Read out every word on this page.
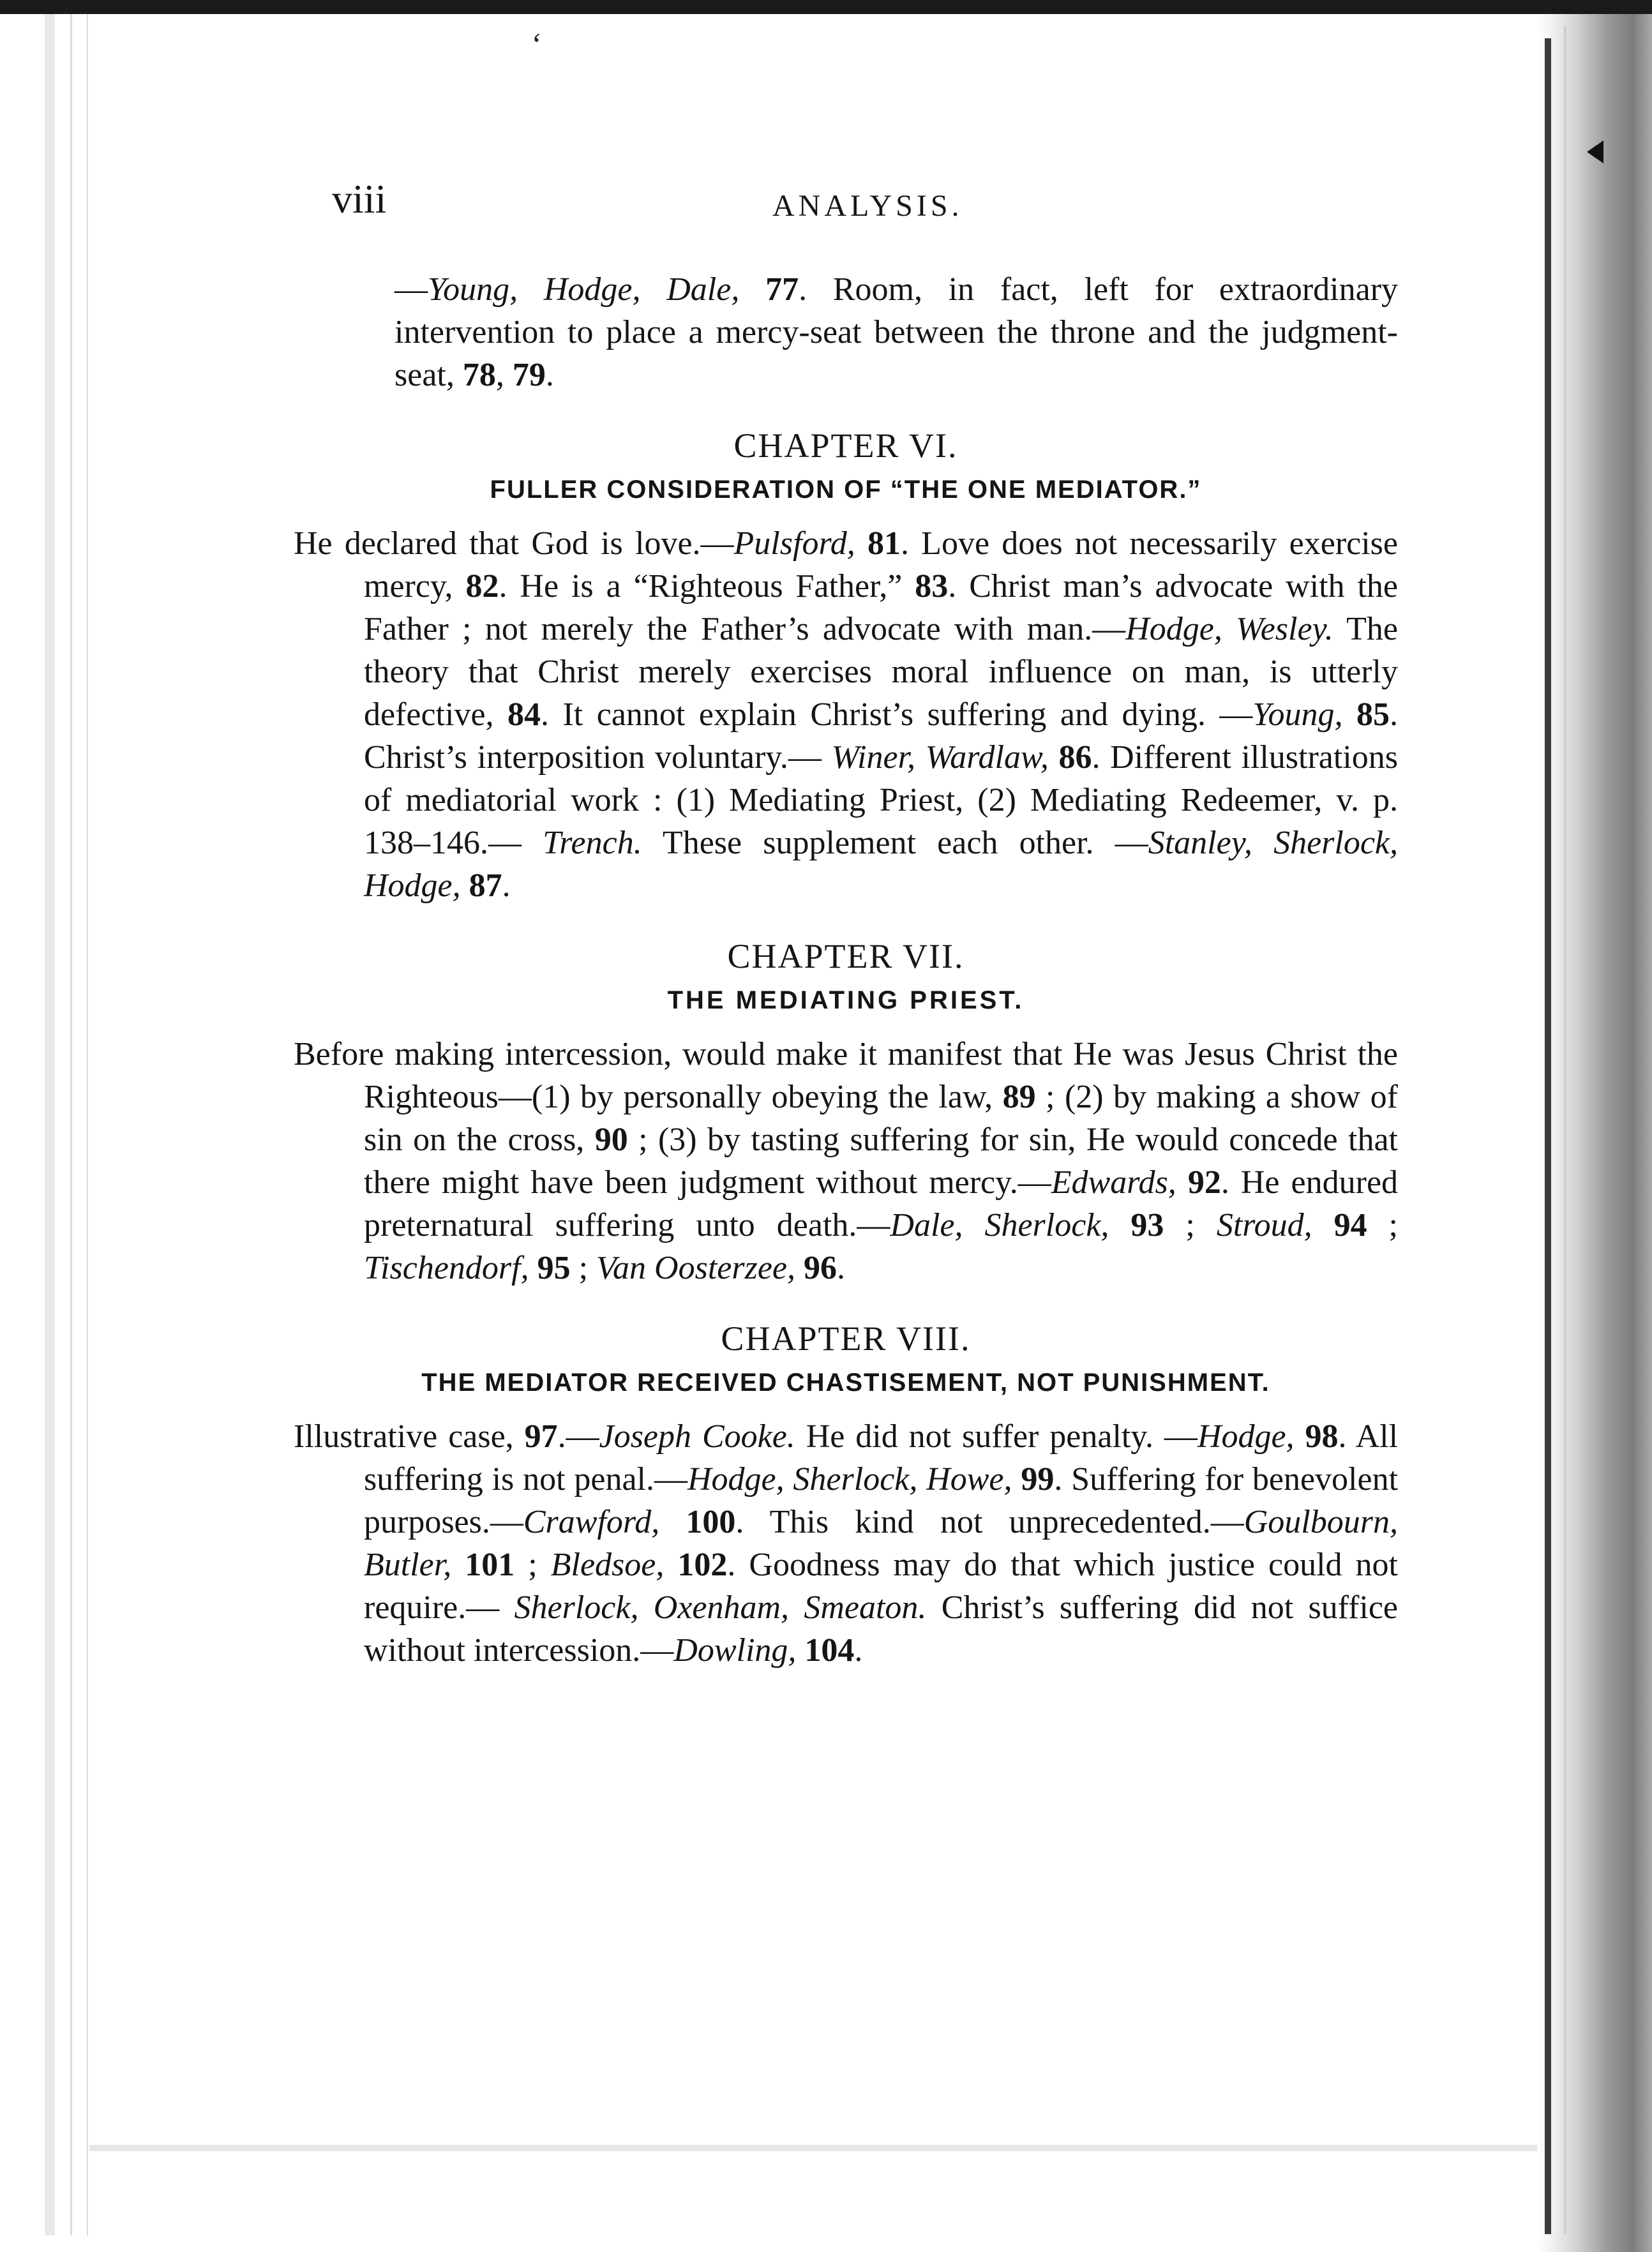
‘
viii	ANALYSIS.

—Young, Hodge, Dale, 77. Room, in fact, left for extraordinary intervention to place a mercy-seat between the throne and the judgment-seat, 78, 79.

CHAPTER VI.
FULLER CONSIDERATION OF “THE ONE MEDIATOR.”

He declared that God is love.—Pulsford, 81. Love does not necessarily exercise mercy, 82. He is a “Righteous Father,” 83. Christ man’s advocate with the Father ; not merely the Father’s advocate with man.—Hodge, Wesley. The theory that Christ merely exercises moral influence on man, is utterly defective, 84. It cannot explain Christ’s suffering and dying. —Young, 85. Christ’s interposition voluntary.— Winer, Wardlaw, 86. Different illustrations of mediatorial work : (1) Mediating Priest, (2) Mediating Redeemer, v. p. 138–146.— Trench. These supplement each other. —Stanley, Sherlock, Hodge, 87.

CHAPTER VII.
THE MEDIATING PRIEST.

Before making intercession, would make it manifest that He was Jesus Christ the Righteous—(1) by personally obeying the law, 89 ; (2) by making a show of sin on the cross, 90 ; (3) by tasting suffering for sin, He would concede that there might have been judgment without mercy.—Edwards, 92. He endured preternatural suffering unto death.—Dale, Sherlock, 93 ; Stroud, 94 ; Tischendorf, 95 ; Van Oosterzee, 96.

CHAPTER VIII.
THE MEDIATOR RECEIVED CHASTISEMENT, NOT PUNISHMENT.

Illustrative case, 97.—Joseph Cooke. He did not suffer penalty. —Hodge, 98. All suffering is not penal.—Hodge, Sherlock, Howe, 99. Suffering for benevolent purposes.—Crawford, 100. This kind not unprecedented.—Goulbourn, Butler, 101 ; Bledsoe, 102. Goodness may do that which justice could not require.— Sherlock, Oxenham, Smeaton. Christ’s suffering did not suffice without intercession.—Dowling, 104.
